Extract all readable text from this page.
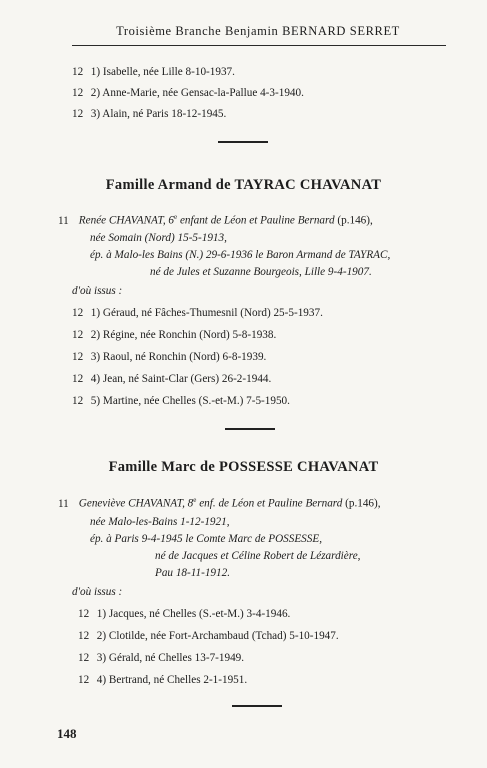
Troisième Branche Benjamin BERNARD SERRET
12 1) Isabelle, née Lille 8-10-1937.
12 2) Anne-Marie, née Gensac-la-Pallue 4-3-1940.
12 3) Alain, né Paris 18-12-1945.
Famille Armand de TAYRAC CHAVANAT
11 Renée CHAVANAT, 6e enfant de Léon et Pauline Bernard (p.146),
née Somain (Nord) 15-5-1913,
ép. à Malo-les Bains (N.) 29-6-1936 le Baron Armand de TAYRAC,
né de Jules et Suzanne Bourgeois, Lille 9-4-1907.
d'où issus :
12 1) Géraud, né Fâches-Thumesnil (Nord) 25-5-1937.
12 2) Régine, née Ronchin (Nord) 5-8-1938.
12 3) Raoul, né Ronchin (Nord) 6-8-1939.
12 4) Jean, né Saint-Clar (Gers) 26-2-1944.
12 5) Martine, née Chelles (S.-et-M.) 7-5-1950.
Famille Marc de POSSESSE CHAVANAT
11 Geneviève CHAVANAT, 8e enf. de Léon et Pauline Bernard (p.146),
née Malo-les-Bains 1-12-1921,
ép. à Paris 9-4-1945 le Comte Marc de POSSESSE,
né de Jacques et Céline Robert de Lézardière,
Pau 18-11-1912.
d'où issus :
12 1) Jacques, né Chelles (S.-et-M.) 3-4-1946.
12 2) Clotilde, née Fort-Archambaud (Tchad) 5-10-1947.
12 3) Gérald, né Chelles 13-7-1949.
12 4) Bertrand, né Chelles 2-1-1951.
148
